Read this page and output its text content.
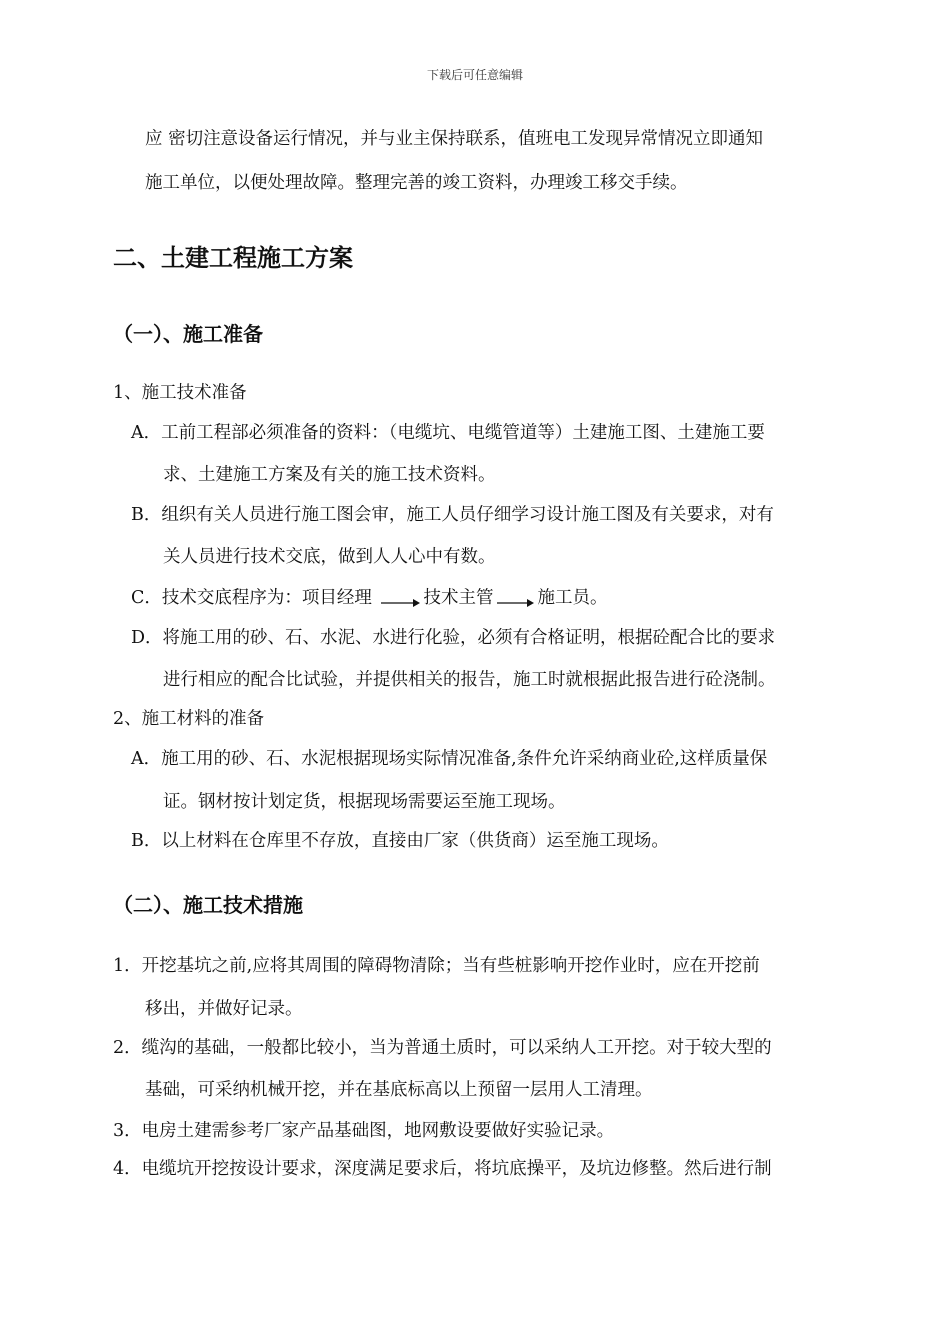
下载后可任意编辑
应 密切注意设备运行情况，并与业主保持联系，值班电工发现异常情况立即通知
施工单位，以便处理故障。整理完善的竣工资料，办理竣工移交手续。
二、土建工程施工方案
（一）、施工准备
1、施工技术准备
A．工前工程部必须准备的资料：（电缆坑、电缆管道等）土建施工图、土建施工要
求、土建施工方案及有关的施工技术资料。
B．组织有关人员进行施工图会审，施工人员仔细学习设计施工图及有关要求，对有
关人员进行技术交底，做到人人心中有数。
C．技术交底程序为：项目经理	技术主管	施工员。
D．将施工用的砂、石、水泥、水进行化验，必须有合格证明，根据砼配合比的要求
进行相应的配合比试验，并提供相关的报告，施工时就根据此报告进行砼浇制。
2、施工材料的准备
A．施工用的砂、石、水泥根据现场实际情况准备,条件允许采纳商业砼,这样质量保
证。钢材按计划定货，根据现场需要运至施工现场。
B．以上材料在仓库里不存放，直接由厂家（供货商）运至施工现场。
（二）、施工技术措施
1．开挖基坑之前,应将其周围的障碍物清除；当有些桩影响开挖作业时，应在开挖前
移出，并做好记录。
2．缆沟的基础，一般都比较小，当为普通土质时，可以采纳人工开挖。对于较大型的
基础，可采纳机械开挖，并在基底标高以上预留一层用人工清理。
3．电房土建需参考厂家产品基础图，地网敷设要做好实验记录。
4．电缆坑开挖按设计要求，深度满足要求后，将坑底操平，及坑边修整。然后进行制
